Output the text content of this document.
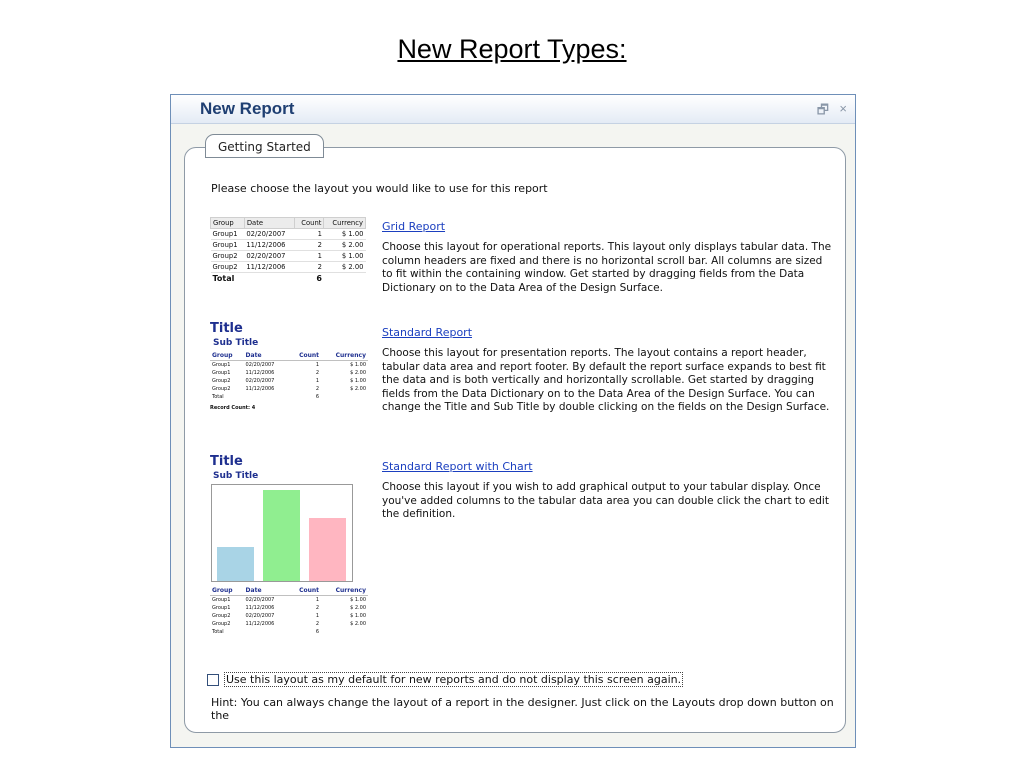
New Report Types:
New Report	🗗 ×
Getting Started
Please choose the layout you would like to use for this report
Group	Date	Count	Currency
Group1	02/20/2007	1	$ 1.00
Group1	11/12/2006	2	$ 2.00
Group2	02/20/2007	1	$ 1.00
Group2	11/12/2006	2	$ 2.00
Total		6	
Grid Report
Choose this layout for operational reports. This layout only displays tabular data. The column headers are fixed and there is no horizontal scroll bar. All columns are sized to fit within the containing window. Get started by dragging fields from the Data Dictionary on to the Data Area of the Design Surface.
Title
Sub Title
Group	Date	Count	Currency
Group1	02/20/2007	1	$ 1.00
Group1	11/12/2006	2	$ 2.00
Group2	02/20/2007	1	$ 1.00
Group2	11/12/2006	2	$ 2.00
Total		6	
Record Count: 4
Standard Report
Choose this layout for presentation reports. The layout contains a report header, tabular data area and report footer. By default the report surface expands to best fit the data and is both vertically and horizontally scrollable. Get started by dragging fields from the Data Dictionary on to the Data Area of the Design Surface. You can change the Title and Sub Title by double clicking on the fields on the Design Surface.
Title
Sub Title
Group	Date	Count	Currency
Group1	02/20/2007	1	$ 1.00
Group1	11/12/2006	2	$ 2.00
Group2	02/20/2007	1	$ 1.00
Group2	11/12/2006	2	$ 2.00
Total		6	
Standard Report with Chart
Choose this layout if you wish to add graphical output to your tabular display. Once you've added columns to the tabular data area you can double click the chart to edit the definition.
Use this layout as my default for new reports and do not display this screen again.
Hint: You can always change the layout of a report in the designer. Just click on the Layouts drop down button on the
